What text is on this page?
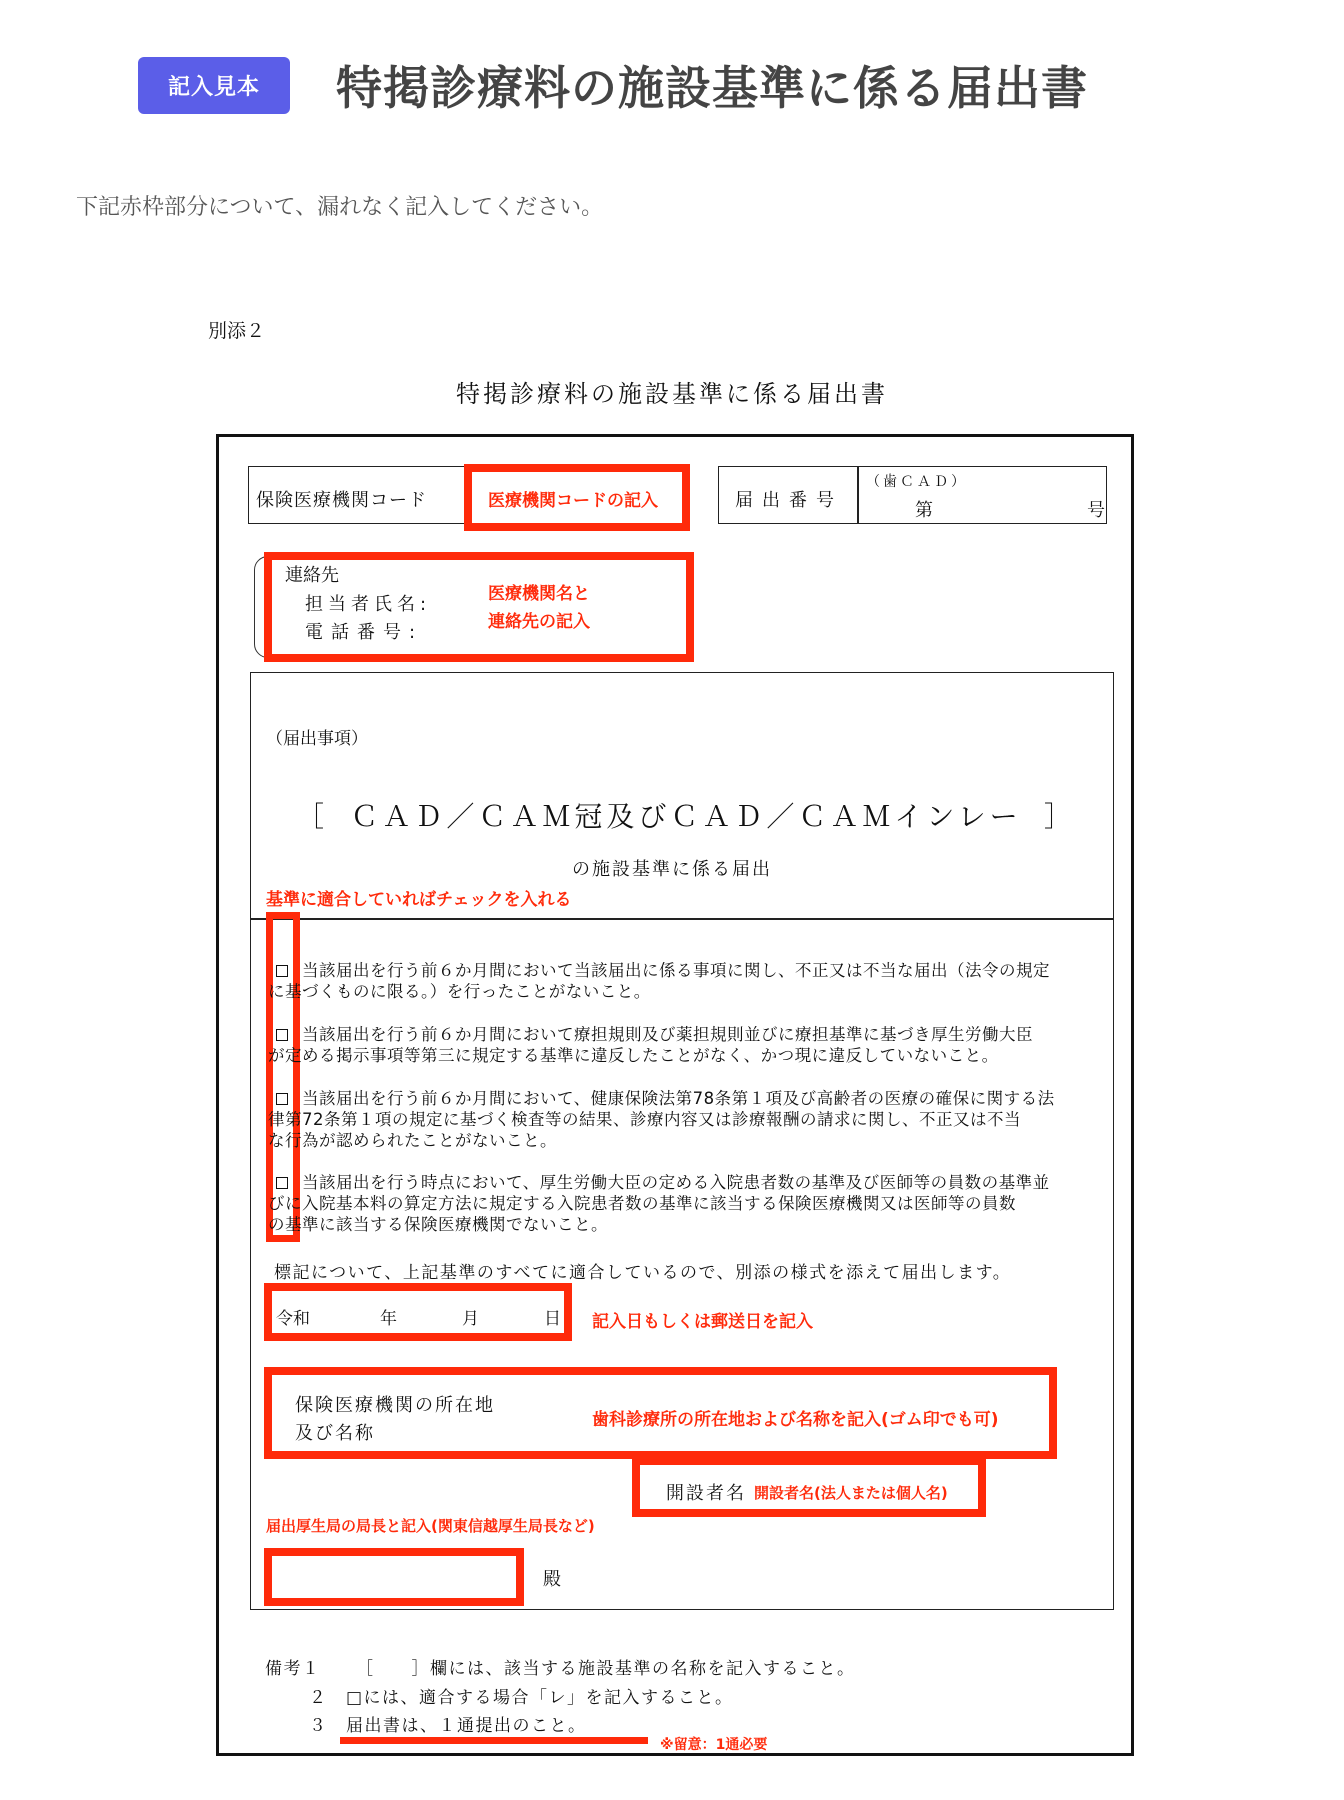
記入見本	特掲診療料の施設基準に係る届出書
下記赤枠部分について、漏れなく記入してください。
別添２
特掲診療料の施設基準に係る届出書
保険医療機関コード	医療機関コードの記入	届出番号
（歯ＣＡＤ）
第	号
連絡先
担当者氏名:
電話番号:
医療機関名と
連絡先の記入
（届出事項）
［ ＣＡＤ／ＣＡＭ冠及びＣＡＤ／ＣＡＭインレー ］
の施設基準に係る届出
基準に適合していればチェックを入れる

当該届出を行う前６か月間において当該届出に係る事項に関し、不正又は不当な届出（法令の規定

に基づくものに限る。）を行ったことがないこと。

当該届出を行う前６か月間において療担規則及び薬担規則並びに療担基準に基づき厚生労働大臣

が定める掲示事項等第三に規定する基準に違反したことがなく、かつ現に違反していないこと。

当該届出を行う前６か月間において、健康保険法第78条第１項及び高齢者の医療の確保に関する法

律第72条第１項の規定に基づく検査等の結果、診療内容又は診療報酬の請求に関し、不正又は不当

な行為が認められたことがないこと。

当該届出を行う時点において、厚生労働大臣の定める入院患者数の基準及び医師等の員数の基準並

びに入院基本料の算定方法に規定する入院患者数の基準に該当する保険医療機関又は医師等の員数

の基準に該当する保険医療機関でないこと。

標記について、上記基準のすべてに適合しているので、別添の様式を添えて届出します。
令和	年	月	日 記入日もしくは郵送日を記入
保険医療機関の所在地
及び名称
歯科診療所の所在地および名称を記入(ゴム印でも可)
開設者名 開設者名(法人または個人名)
届出厚生局の局長と記入(関東信越厚生局長など)
殿
備考１ ［　　］欄には、該当する施設基準の名称を記入すること。
２ □には、適合する場合「レ」を記入すること。
３ 届出書は、１通提出のこと。
※留意：1通必要
